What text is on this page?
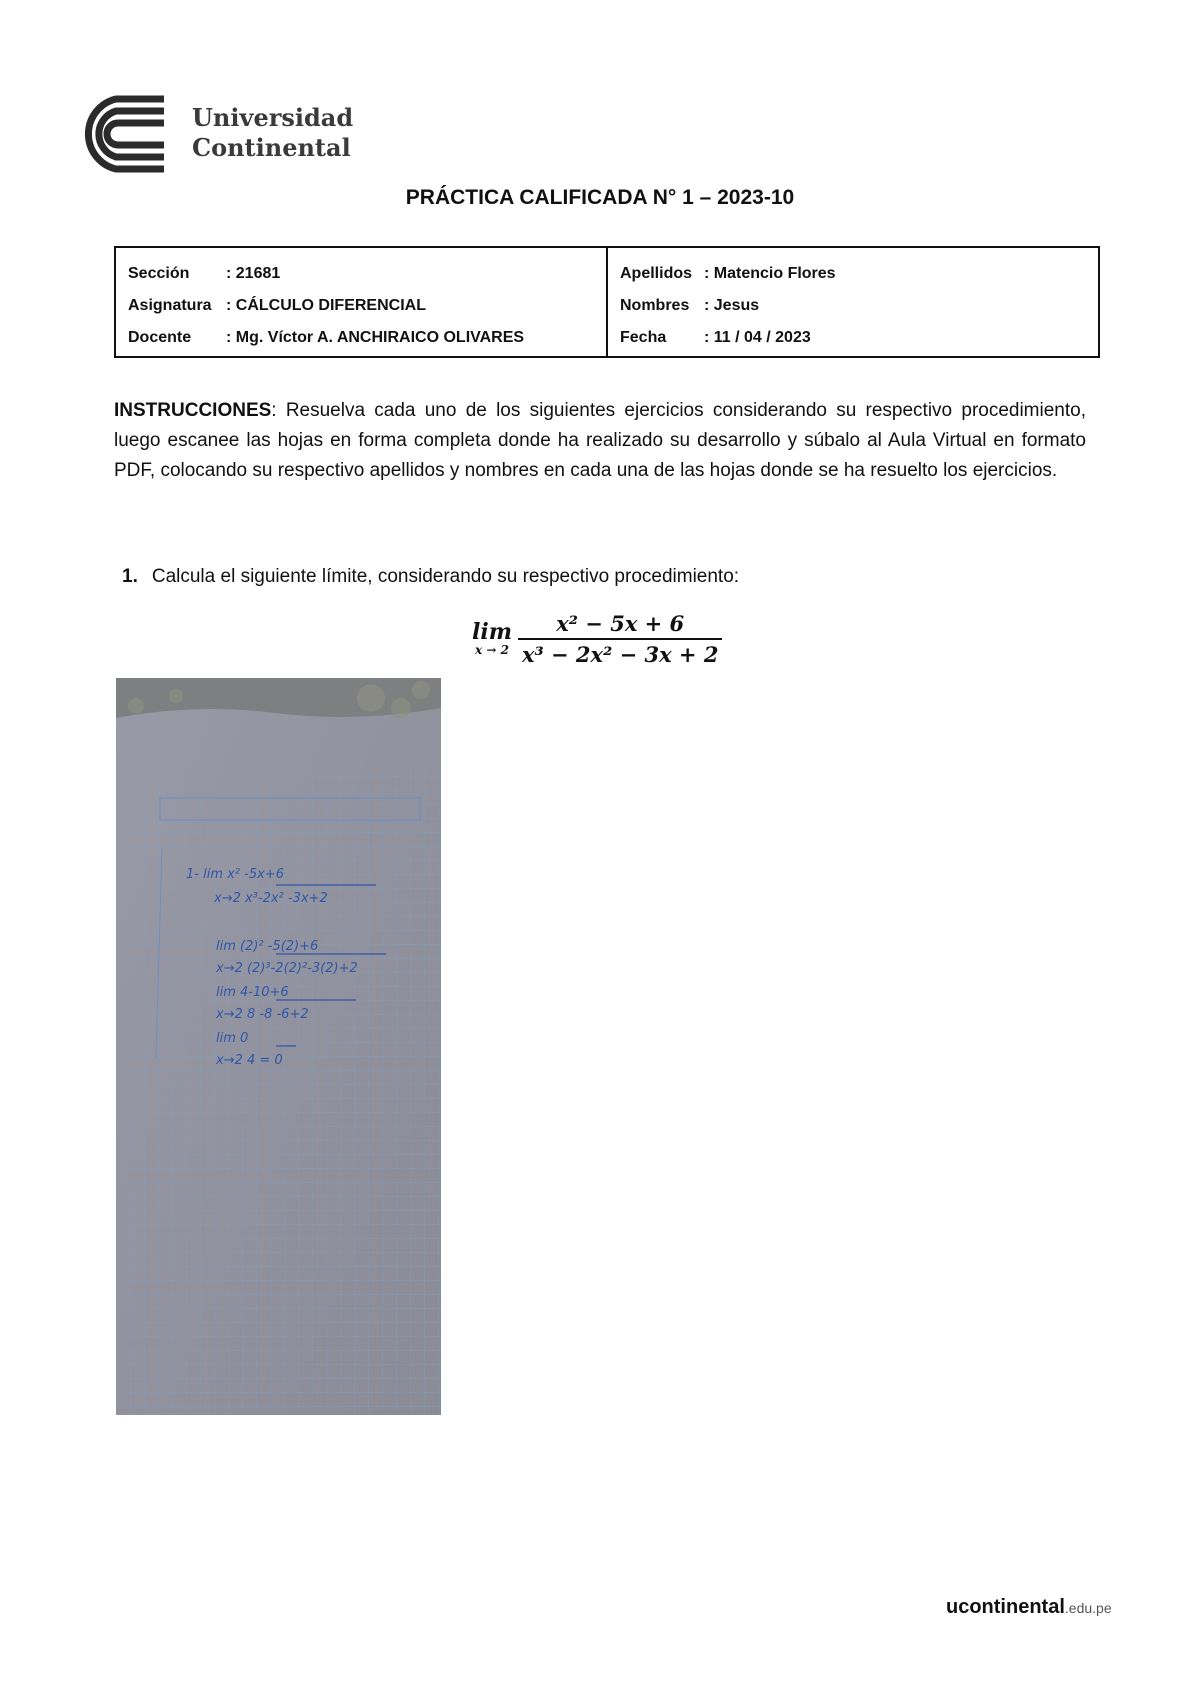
Universidad
Continental
PRÁCTICA CALIFICADA N° 1 – 2023-10
Sección	: 21681
Asignatura : CÁLCULO DIFERENCIAL
Docente	: Mg. Víctor A. ANCHIRAICO OLIVARES
Apellidos : Matencio Flores
Nombres : Jesus
Fecha	: 11 / 04 / 2023
INSTRUCCIONES: Resuelva cada uno de los siguientes ejercicios considerando su respectivo procedimiento, luego escanee las hojas en forma completa donde ha realizado su desarrollo y súbalo al Aula Virtual en formato PDF, colocando su respectivo apellidos y nombres en cada una de las hojas donde se ha resuelto los ejercicios.
1. Calcula el siguiente límite, considerando su respectivo procedimiento:
lim
$x \to 2 \frac{\text{x² − 5x + 6}}{\text{x³ − 2x² − 3x + 2}}$
1- lim x² -5x+6
x→2 x³-2x² -3x+2
lim (2)² -5(2)+6
x→2 (2)³-2(2)²-3(2)+2
lim 4-10+6
x→2 8 -8 -6+2
lim 0
x→2 4 = 0
ucontinental.edu.pe
